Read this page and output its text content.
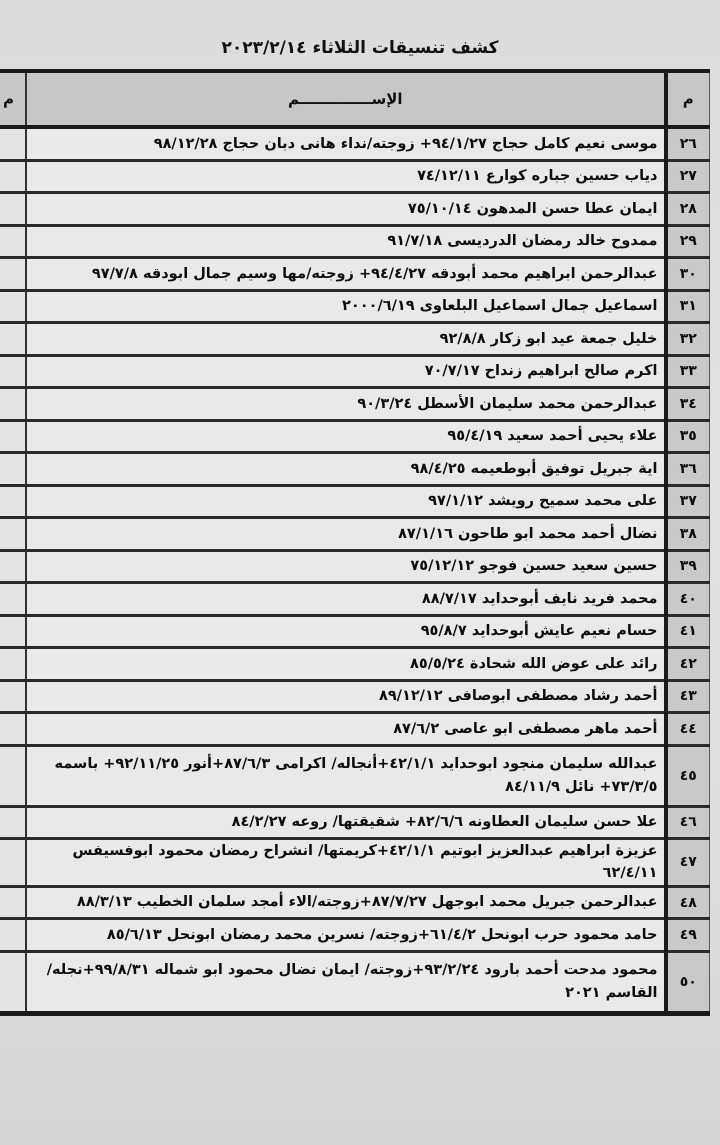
كشف تنسيقات الثلاثاء ٢٠٢٣/٢/١٤
م	الإســــــــــــــم	م
٢٦	موسى نعيم كامل حجاج ٩٤/١/٢٧+ زوجته/نداء هانى دبان حجاج ٩٨/١٢/٢٨	
٢٧	دياب حسين جباره كوارع ٧٤/١٢/١١	
٢٨	ايمان عطا حسن المدهون ٧٥/١٠/١٤	
٢٩	ممدوح خالد رمضان الدرديسى ٩١/٧/١٨	
٣٠	عبدالرحمن ابراهيم محمد أبودقه ٩٤/٤/٢٧+ زوجته/مها وسيم جمال ابودقه ٩٧/٧/٨	
٣١	اسماعيل جمال اسماعيل البلعاوى ٢٠٠٠/٦/١٩	
٣٢	خليل جمعة عيد ابو زكار ٩٢/٨/٨	
٣٣	اكرم صالح ابراهيم زنداح ٧٠/٧/١٧	
٣٤	عبدالرحمن محمد سليمان الأسطل ٩٠/٣/٢٤	
٣٥	علاء يحيى أحمد سعيد ٩٥/٤/١٩	
٣٦	اية جبريل توفيق أبوطعيمه ٩٨/٤/٢٥	
٣٧	على محمد سميح رويشد ٩٧/١/١٢	
٣٨	نضال أحمد محمد ابو طاحون ٨٧/١/١٦	
٣٩	حسين سعيد حسين فوجو ٧٥/١٢/١٢	
٤٠	محمد فريد نايف أبوحدايد ٨٨/٧/١٧	
٤١	حسام نعيم عايش أبوحدايد ٩٥/٨/٧	
٤٢	رائد على عوض الله شحادة ٨٥/٥/٢٤	
٤٣	أحمد رشاد مصطفى ابوصافى ٨٩/١٢/١٢	
٤٤	أحمد ماهر مصطفى ابو عاصى ٨٧/٦/٢	
٤٥	عبدالله سليمان منجود ابوحدايد ٤٢/١/١+أنجاله/ اكرامى ٨٧/٦/٣+أنور ٩٢/١١/٢٥+ باسمه ٧٣/٣/٥+ نائل ٨٤/١١/٩	
٤٦	علا حسن سليمان العطاونه ٨٢/٦/٦+ شقيقتها/ روعه ٨٤/٢/٢٧	
٤٧	عزيزة ابراهيم عبدالعزيز ابوتيم ٤٢/١/١+كريمتها/ انشراح رمضان محمود ابوفسيفس ٦٢/٤/١١	
٤٨	عبدالرحمن جبريل محمد ابوجهل ٨٧/٧/٢٧+زوجته/الاء أمجد سلمان الخطيب ٨٨/٣/١٣	
٤٩	حامد محمود حرب ابونحل ٦١/٤/٢+زوجته/ نسرين محمد رمضان ابونحل ٨٥/٦/١٣	
٥٠	محمود مدحت أحمد بارود ٩٣/٢/٢٤+زوجته/ ايمان نضال محمود ابو شماله ٩٩/٨/٣١+نجله/ القاسم ٢٠٢١	
